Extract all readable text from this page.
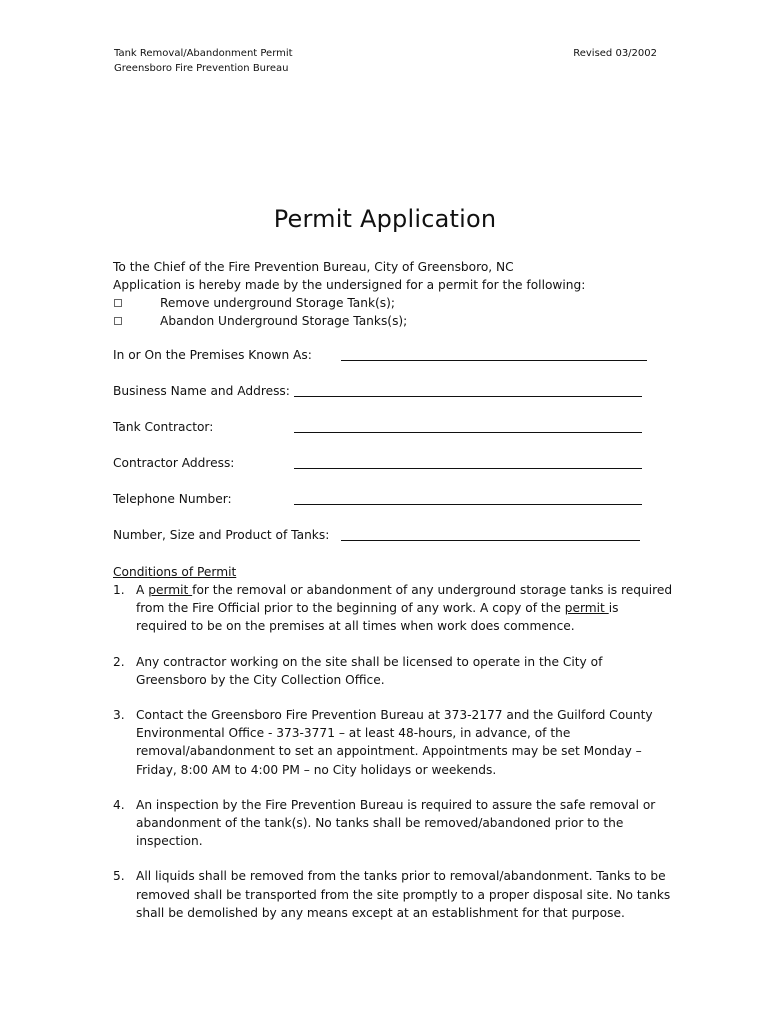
Tank Removal/Abandonment Permit
Greensboro Fire Prevention Bureau
Revised 03/2002
Permit Application
To the Chief of the Fire Prevention Bureau, City of Greensboro, NC
Application is hereby made by the undersigned for a permit for the following:
Remove underground Storage Tank(s);
Abandon Underground Storage Tanks(s);
In or On the Premises Known As:
Business Name and Address:
Tank Contractor:
Contractor Address:
Telephone Number:
Number, Size and Product of Tanks:
Conditions of Permit
1. A permit for the removal or abandonment of any underground storage tanks is required from the Fire Official prior to the beginning of any work. A copy of the permit is required to be on the premises at all times when work does commence.
2. Any contractor working on the site shall be licensed to operate in the City of Greensboro by the City Collection Office.
3. Contact the Greensboro Fire Prevention Bureau at 373-2177 and the Guilford County Environmental Office - 373-3771 – at least 48-hours, in advance, of the removal/abandonment to set an appointment. Appointments may be set Monday – Friday, 8:00 AM to 4:00 PM – no City holidays or weekends.
4. An inspection by the Fire Prevention Bureau is required to assure the safe removal or abandonment of the tank(s). No tanks shall be removed/abandoned prior to the inspection.
5. All liquids shall be removed from the tanks prior to removal/abandonment. Tanks to be removed shall be transported from the site promptly to a proper disposal site. No tanks shall be demolished by any means except at an establishment for that purpose.
